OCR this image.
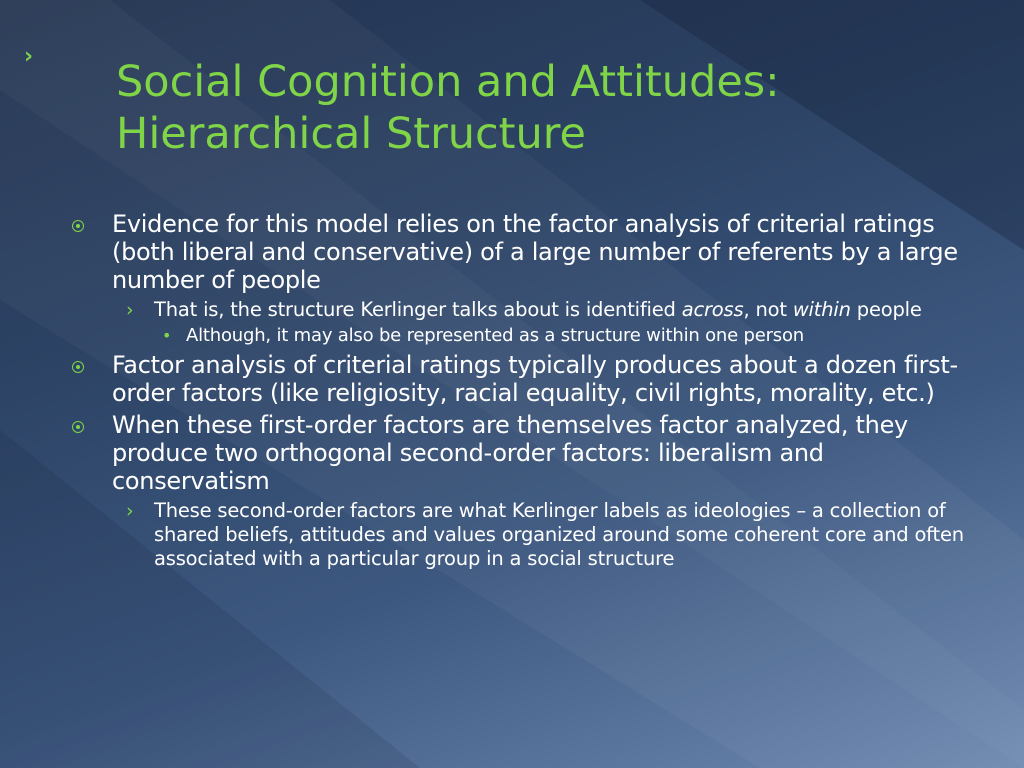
›
Social Cognition and Attitudes: Hierarchical Structure
Evidence for this model relies on the factor analysis of criterial ratings (both liberal and conservative) of a large number of referents by a large number of people
› That is, the structure Kerlinger talks about is identified across, not within people
• Although, it may also be represented as a structure within one person
Factor analysis of criterial ratings typically produces about a dozen first-order factors (like religiosity, racial equality, civil rights, morality, etc.)
When these first-order factors are themselves factor analyzed, they produce two orthogonal second-order factors: liberalism and conservatism
› These second-order factors are what Kerlinger labels as ideologies – a collection of shared beliefs, attitudes and values organized around some coherent core and often associated with a particular group in a social structure
